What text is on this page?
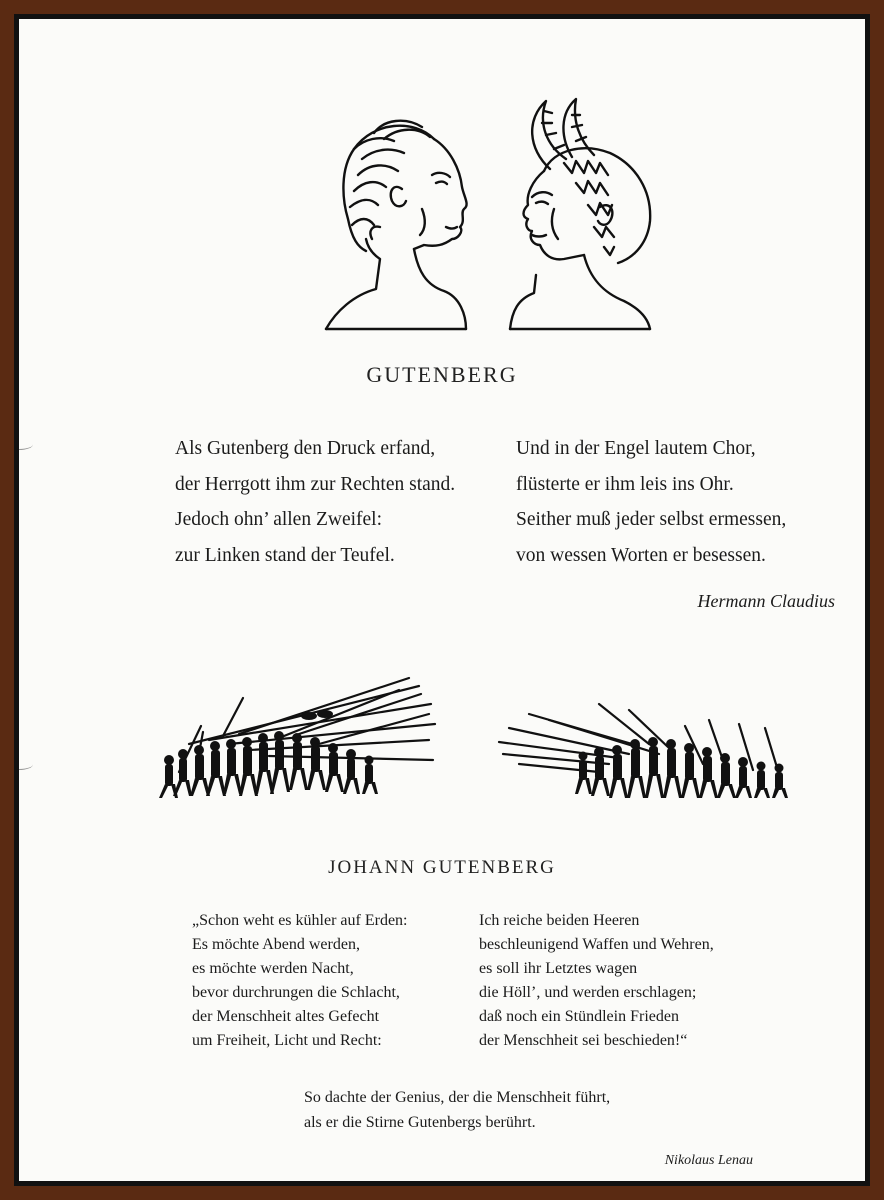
GUTENBERG
Als Gutenberg den Druck erfand,
der Herrgott ihm zur Rechten stand.
Jedoch ohn’ allen Zweifel:
zur Linken stand der Teufel.
Und in der Engel lautem Chor,
flüsterte er ihm leis ins Ohr.
Seither muß jeder selbst ermessen,
von wessen Worten er besessen.
Hermann Claudius
JOHANN GUTENBERG
„Schon weht es kühler auf Erden:
Es möchte Abend werden,
es möchte werden Nacht,
bevor durchrungen die Schlacht,
der Menschheit altes Gefecht
um Freiheit, Licht und Recht:
Ich reiche beiden Heeren
beschleunigend Waffen und Wehren,
es soll ihr Letztes wagen
die Höll’, und werden erschlagen;
daß noch ein Stündlein Frieden
der Menschheit sei beschieden!“
So dachte der Genius, der die Menschheit führt,
als er die Stirne Gutenbergs berührt.
Nikolaus Lenau
